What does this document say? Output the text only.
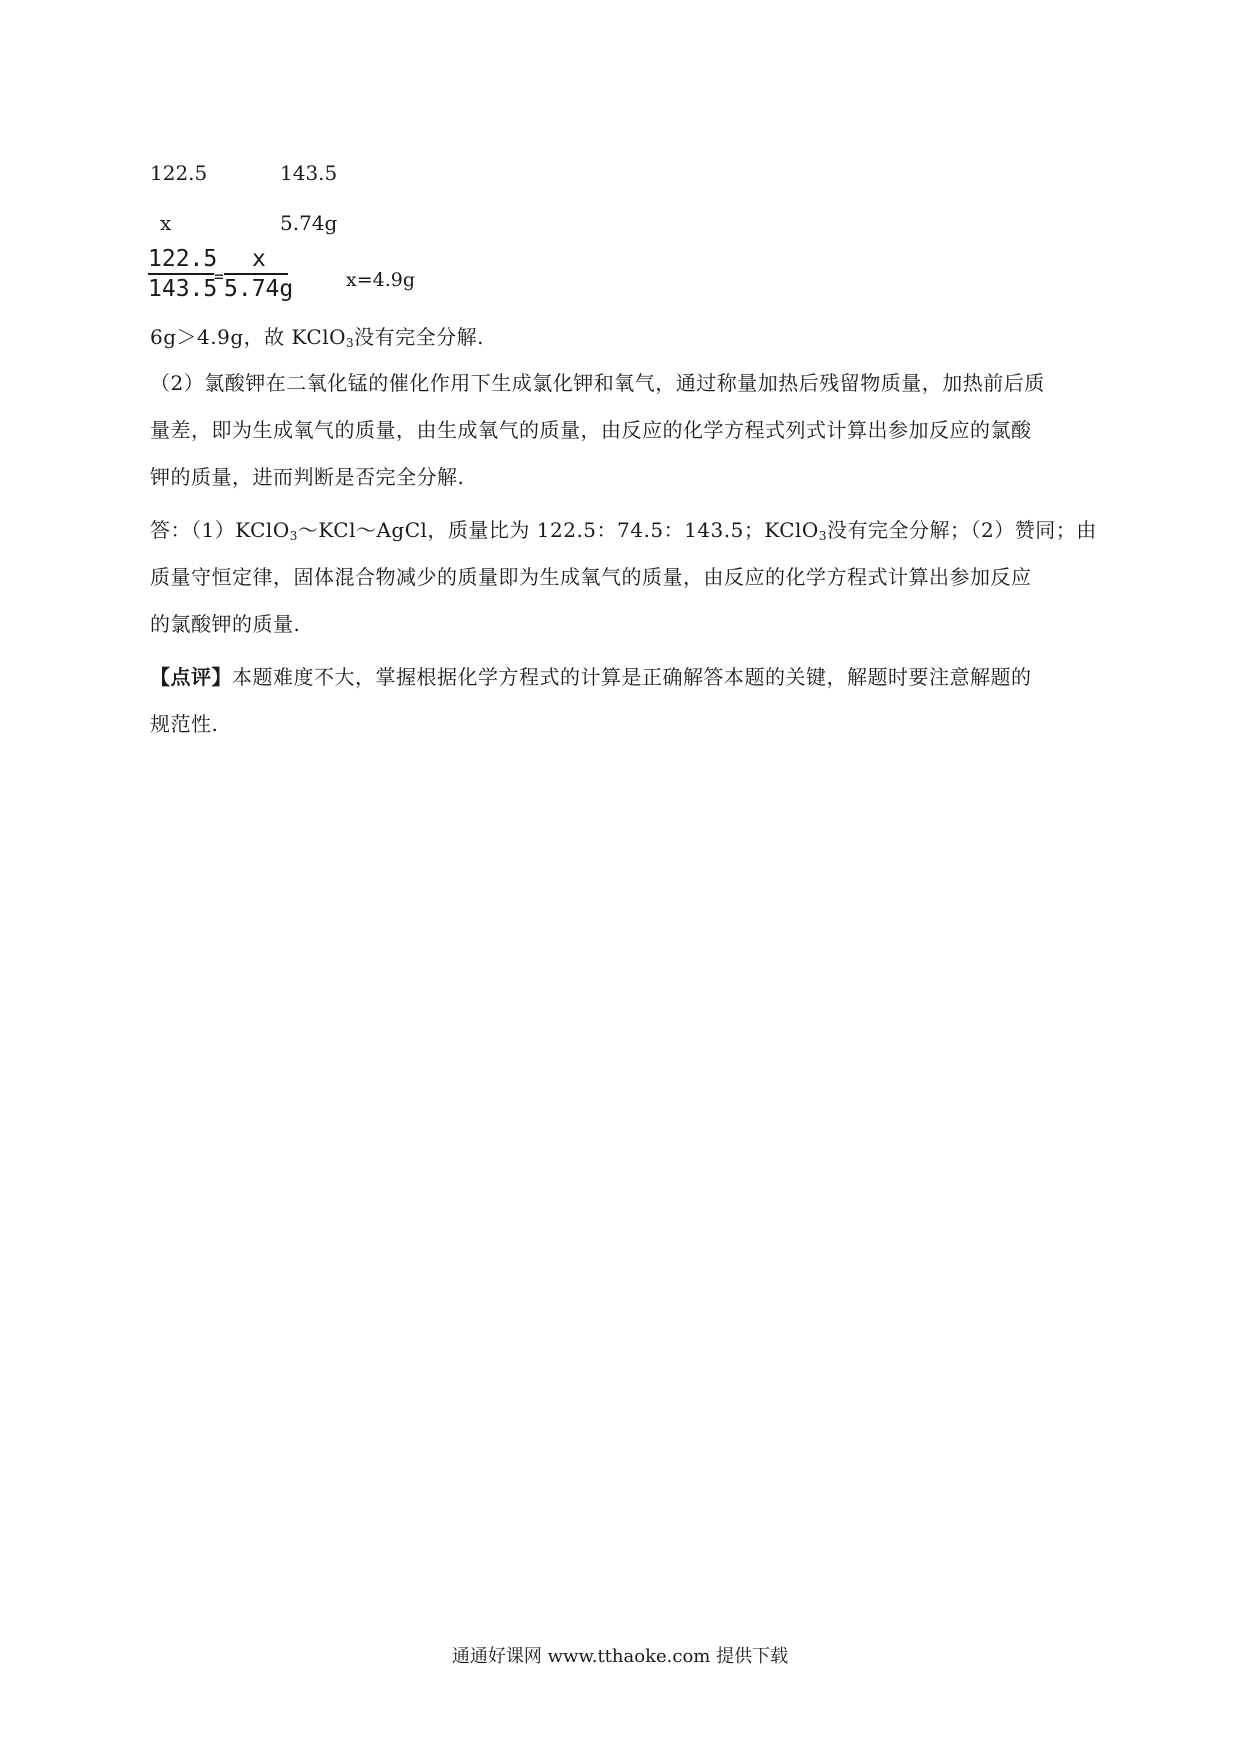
122.5	143.5
x	5.74g
122.5
143.5
=
x
5.74g	x=4.9g
6g＞4.9g，故 KClO$_3$没有完全分解.
（2）氯酸钾在二氧化锰的催化作用下生成氯化钾和氧气，通过称量加热后残留物质量，加热前后质
量差，即为生成氧气的质量，由生成氧气的质量，由反应的化学方程式列式计算出参加反应的氯酸
钾的质量，进而判断是否完全分解.
答：（1）KClO$_3$～KCl～AgCl，质量比为 122.5：74.5：143.5；KClO$_3$没有完全分解；（2）赞同；由
质量守恒定律，固体混合物减少的质量即为生成氧气的质量，由反应的化学方程式计算出参加反应
的氯酸钾的质量.
【点评】本题难度不大，掌握根据化学方程式的计算是正确解答本题的关键，解题时要注意解题的
规范性.
通通好课网 www.tthaoke.com 提供下载
